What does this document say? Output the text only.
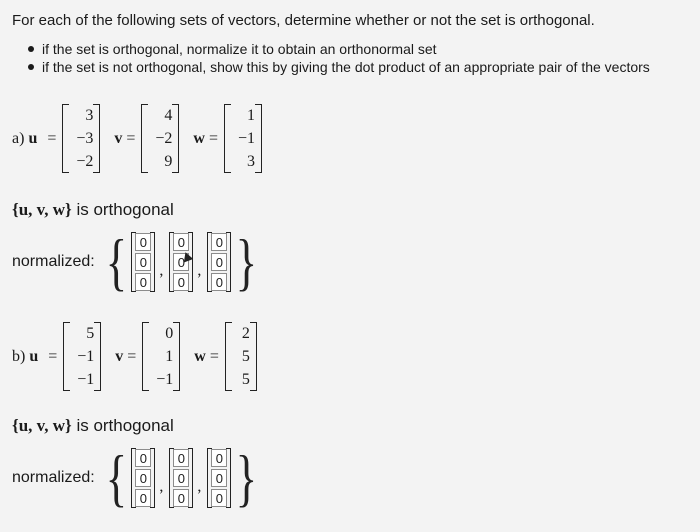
For each of the following sets of vectors, determine whether or not the set is orthogonal.
if the set is orthogonal, normalize it to obtain an orthonormal set
if the set is not orthogonal, show this by giving the dot product of an appropriate pair of the vectors
a) u =
3
−3
−2
v =
4
−2
9
w =
1
−1
3
{u, v, w} is orthogonal
normalized: {
0
0
0 ,
0
0
0 ,
0
0
0 }
b) u =
5
−1
−1
v =
0
1
−1
w =
2
5
5
{u, v, w} is orthogonal
normalized: {
0
0
0 ,
0
0
0 ,
0
0
0 }
